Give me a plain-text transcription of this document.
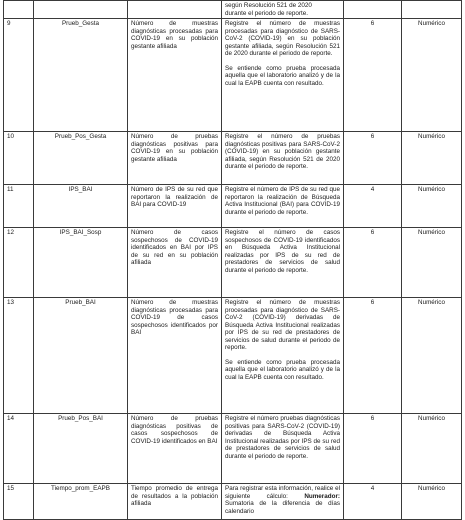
			según Resolución 521 de 2020
durante el periodo de reporte.		

9	Prueb_Gesta	Número de muestras diagnósticas procesadas para COVID-19 en su población gestante afiliada	Registre el número de muestras procesadas para diagnóstico de SARS-CoV-2 (COVID-19) en su población gestante afiliada, según Resolución 521 de 2020 durante el periodo de reporte.
Se entiende como prueba procesada aquella que el laboratorio analizó y de la cual la EAPB cuenta con resultado.	6	Numérico
10	Prueb_Pos_Gesta	Número de pruebas diagnósticas positivas para COVID-19 en su población gestante afiliada	Registre el número de pruebas diagnósticas positivas para SARS-CoV-2 (COVID-19) en su población gestante afiliada, según Resolución 521 de 2020 durante el periodo de reporte.	6	Numérico
11	IPS_BAI	Número de IPS de su red que reportaron la realización de BAI para COVID-19	Registre el número de IPS de su red que reportaron la realización de Búsqueda Activa Institucional (BAI) para COVID-19 durante el periodo de reporte.	4	Numérico
12	IPS_BAI_Sosp	Número de casos sospechosos de COVID-19 identificados en BAI por IPS de su red en su población afiliada	Registre el número de casos sospechosos de COVID-19 identificados en Búsqueda Activa Institucional realizadas por IPS de su red de prestadores de servicios de salud durante el periodo de reporte.	6	Numérico
13	Prueb_BAI	Número de muestras diagnósticas procesadas para COVID-19 de casos sospechosos identificados por BAI	Registre el número de muestras procesadas para diagnóstico de SARS-CoV-2 (COVID-19) derivadas de Búsqueda Activa Institucional realizadas por IPS de su red de prestadores de servicios de salud durante el periodo de reporte.
Se entiende como prueba procesada aquella que el laboratorio analizó y de la cual la EAPB cuenta con resultado.	6	Numérico
14	Prueb_Pos_BAI	Número de pruebas diagnósticas positivas de casos sospechosos de COVID-19 identificados en BAI	Registre el número pruebas diagnósticas positivas para SARS-CoV-2 (COVID-19) derivadas de Búsqueda Activa Institucional realizadas por IPS de su red de prestadores de servicios de salud durante el periodo de reporte.	6	Numérico
15	Tiempo_prom_EAPB	Tiempo promedio de entrega de resultados a la población afiliada	Para registrar esta información, realice el siguiente cálculo: Numerador: Sumatoria de la diferencia de días calendario	4	Numérico
